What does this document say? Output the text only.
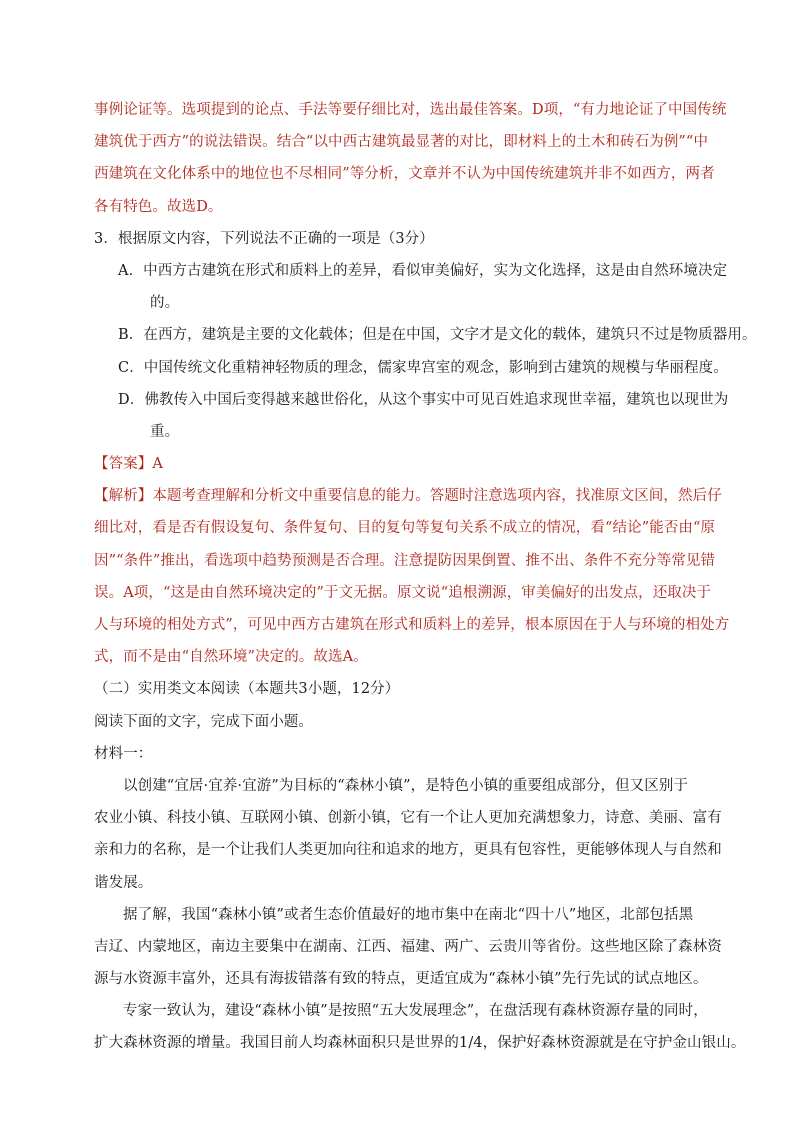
事例论证等。选项提到的论点、手法等要仔细比对，选出最佳答案。D项，“有力地论证了中国传统
建筑优于西方”的说法错误。结合“以中西古建筑最显著的对比，即材料上的土木和砖石为例”“中
西建筑在文化体系中的地位也不尽相同”等分析，文章并不认为中国传统建筑并非不如西方，两者
各有特色。故选D。
3．根据原文内容，下列说法不正确的一项是（3分）
A．中西方古建筑在形式和质料上的差异，看似审美偏好，实为文化选择，这是由自然环境决定
的。
B．在西方，建筑是主要的文化载体；但是在中国，文字才是文化的载体，建筑只不过是物质器用。
C．中国传统文化重精神轻物质的理念，儒家卑宫室的观念，影响到古建筑的规模与华丽程度。
D．佛教传入中国后变得越来越世俗化，从这个事实中可见百姓追求现世幸福，建筑也以现世为
重。
【答案】A
【解析】本题考查理解和分析文中重要信息的能力。答题时注意选项内容，找准原文区间，然后仔
细比对，看是否有假设复句、条件复句、目的复句等复句关系不成立的情况，看“结论”能否由“原
因”“条件”推出，看选项中趋势预测是否合理。注意提防因果倒置、推不出、条件不充分等常见错
误。A项，“这是由自然环境决定的”于文无据。原文说“追根溯源，审美偏好的出发点，还取决于
人与环境的相处方式”，可见中西方古建筑在形式和质料上的差异，根本原因在于人与环境的相处方
式，而不是由“自然环境”决定的。故选A。
（二）实用类文本阅读（本题共3小题，12分）
阅读下面的文字，完成下面小题。
材料一：
以创建“宜居·宜养·宜游”为目标的“森林小镇”，是特色小镇的重要组成部分，但又区别于
农业小镇、科技小镇、互联网小镇、创新小镇，它有一个让人更加充满想象力，诗意、美丽、富有
亲和力的名称，是一个让我们人类更加向往和追求的地方，更具有包容性，更能够体现人与自然和
谐发展。
据了解，我国“森林小镇”或者生态价值最好的地市集中在南北“四十八”地区，北部包括黑
吉辽、内蒙地区，南边主要集中在湖南、江西、福建、两广、云贵川等省份。这些地区除了森林资
源与水资源丰富外，还具有海拔错落有致的特点，更适宜成为“森林小镇”先行先试的试点地区。
专家一致认为，建设“森林小镇”是按照“五大发展理念”，在盘活现有森林资源存量的同时，
扩大森林资源的增量。我国目前人均森林面积只是世界的1/4，保护好森林资源就是在守护金山银山。
